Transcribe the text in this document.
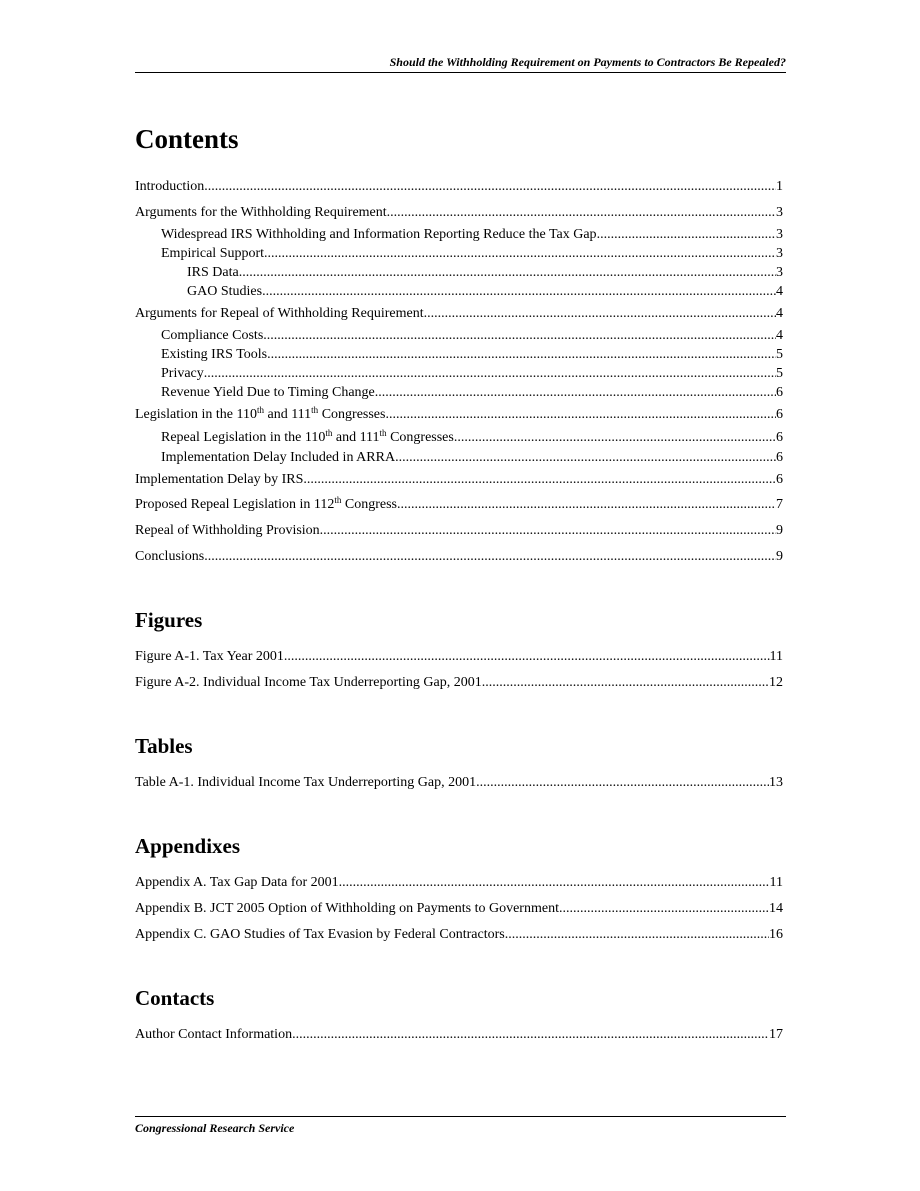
Should the Withholding Requirement on Payments to Contractors Be Repealed?
Contents
Introduction .....	1
Arguments for the Withholding Requirement .....	3
Widespread IRS Withholding and Information Reporting Reduce the Tax Gap .....	3
Empirical Support .....	3
IRS Data .....	3
GAO Studies .....	4
Arguments for Repeal of Withholding Requirement .....	4
Compliance Costs .....	4
Existing IRS Tools .....	5
Privacy .....	5
Revenue Yield Due to Timing Change .....	6
Legislation in the 110th and 111th Congresses .....	6
Repeal Legislation in the 110th and 111th Congresses .....	6
Implementation Delay Included in ARRA .....	6
Implementation Delay by IRS .....	6
Proposed Repeal Legislation in 112th Congress .....	7
Repeal of Withholding Provision .....	9
Conclusions .....	9
Figures
Figure A-1. Tax Year 2001 .....	11
Figure A-2. Individual Income Tax Underreporting Gap, 2001 .....	12
Tables
Table A-1. Individual Income Tax Underreporting Gap, 2001 .....	13
Appendixes
Appendix A. Tax Gap Data for 2001 .....	11
Appendix B. JCT 2005 Option of Withholding on Payments to Government .....	14
Appendix C. GAO Studies of Tax Evasion by Federal Contractors .....	16
Contacts
Author Contact Information .....	17
Congressional Research Service
